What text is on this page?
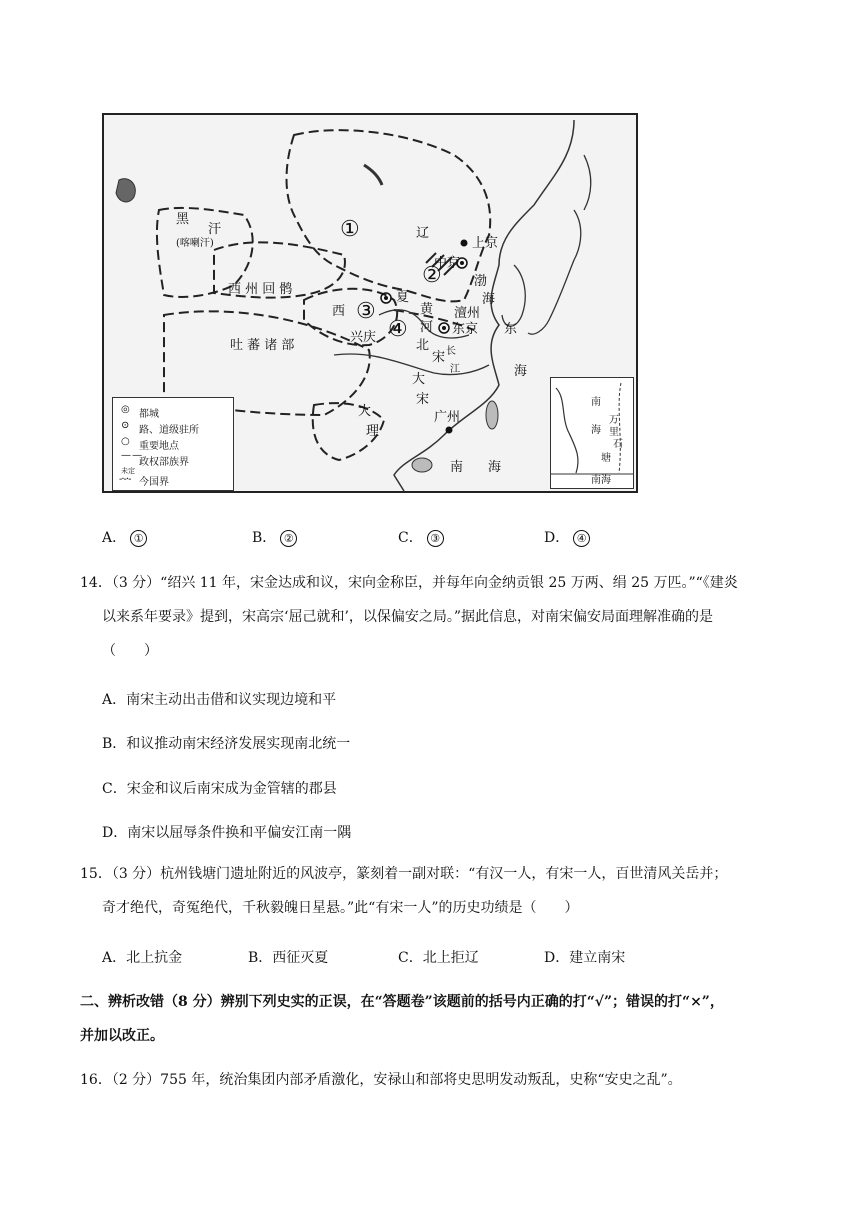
黑
汗
(喀喇汗)
西 州 回 鹘
西
夏
兴庆
辽
上京
中京
渤
海
黄
河
澶州
东京
北
宋
大
宋
长
江
吐 蕃 诸 部
大
理
广州
南 海
东
海
①
②
③
④
◎ 都城
⊙ 路、道级驻所
○ 重要地点
— —
政权部族界
未定
-·-·- 今国界
南
海
万
里
石
塘
南海
A． ①	B． ②	C． ③	D． ④
14．（3 分）“绍兴 11 年，宋金达成和议，宋向金称臣，并每年向金纳贡银 25 万两、绢 25 万匹。”“《建炎
以来系年要录》提到，宋高宗‘屈己就和’，以保偏安之局。”据此信息，对南宋偏安局面理解准确的是
（　　）
A．南宋主动出击借和议实现边境和平
B．和议推动南宋经济发展实现南北统一
C．宋金和议后南宋成为金管辖的郡县
D．南宋以屈辱条件换和平偏安江南一隅
15．（3 分）杭州钱塘门遗址附近的风波亭，篆刻着一副对联：“有汉一人，有宋一人，百世清风关岳并；
奇才绝代，奇冤绝代，千秋毅魄日星悬。”此“有宋一人”的历史功绩是（　　）
A．北上抗金	B．西征灭夏	C．北上拒辽	D．建立南宋
二、辨析改错（8 分）辨别下列史实的正误，在“答题卷”该题前的括号内正确的打“√”；错误的打“×”，
并加以改正。
16．（2 分）755 年，统治集团内部矛盾激化，安禄山和部将史思明发动叛乱，史称“安史之乱”。
